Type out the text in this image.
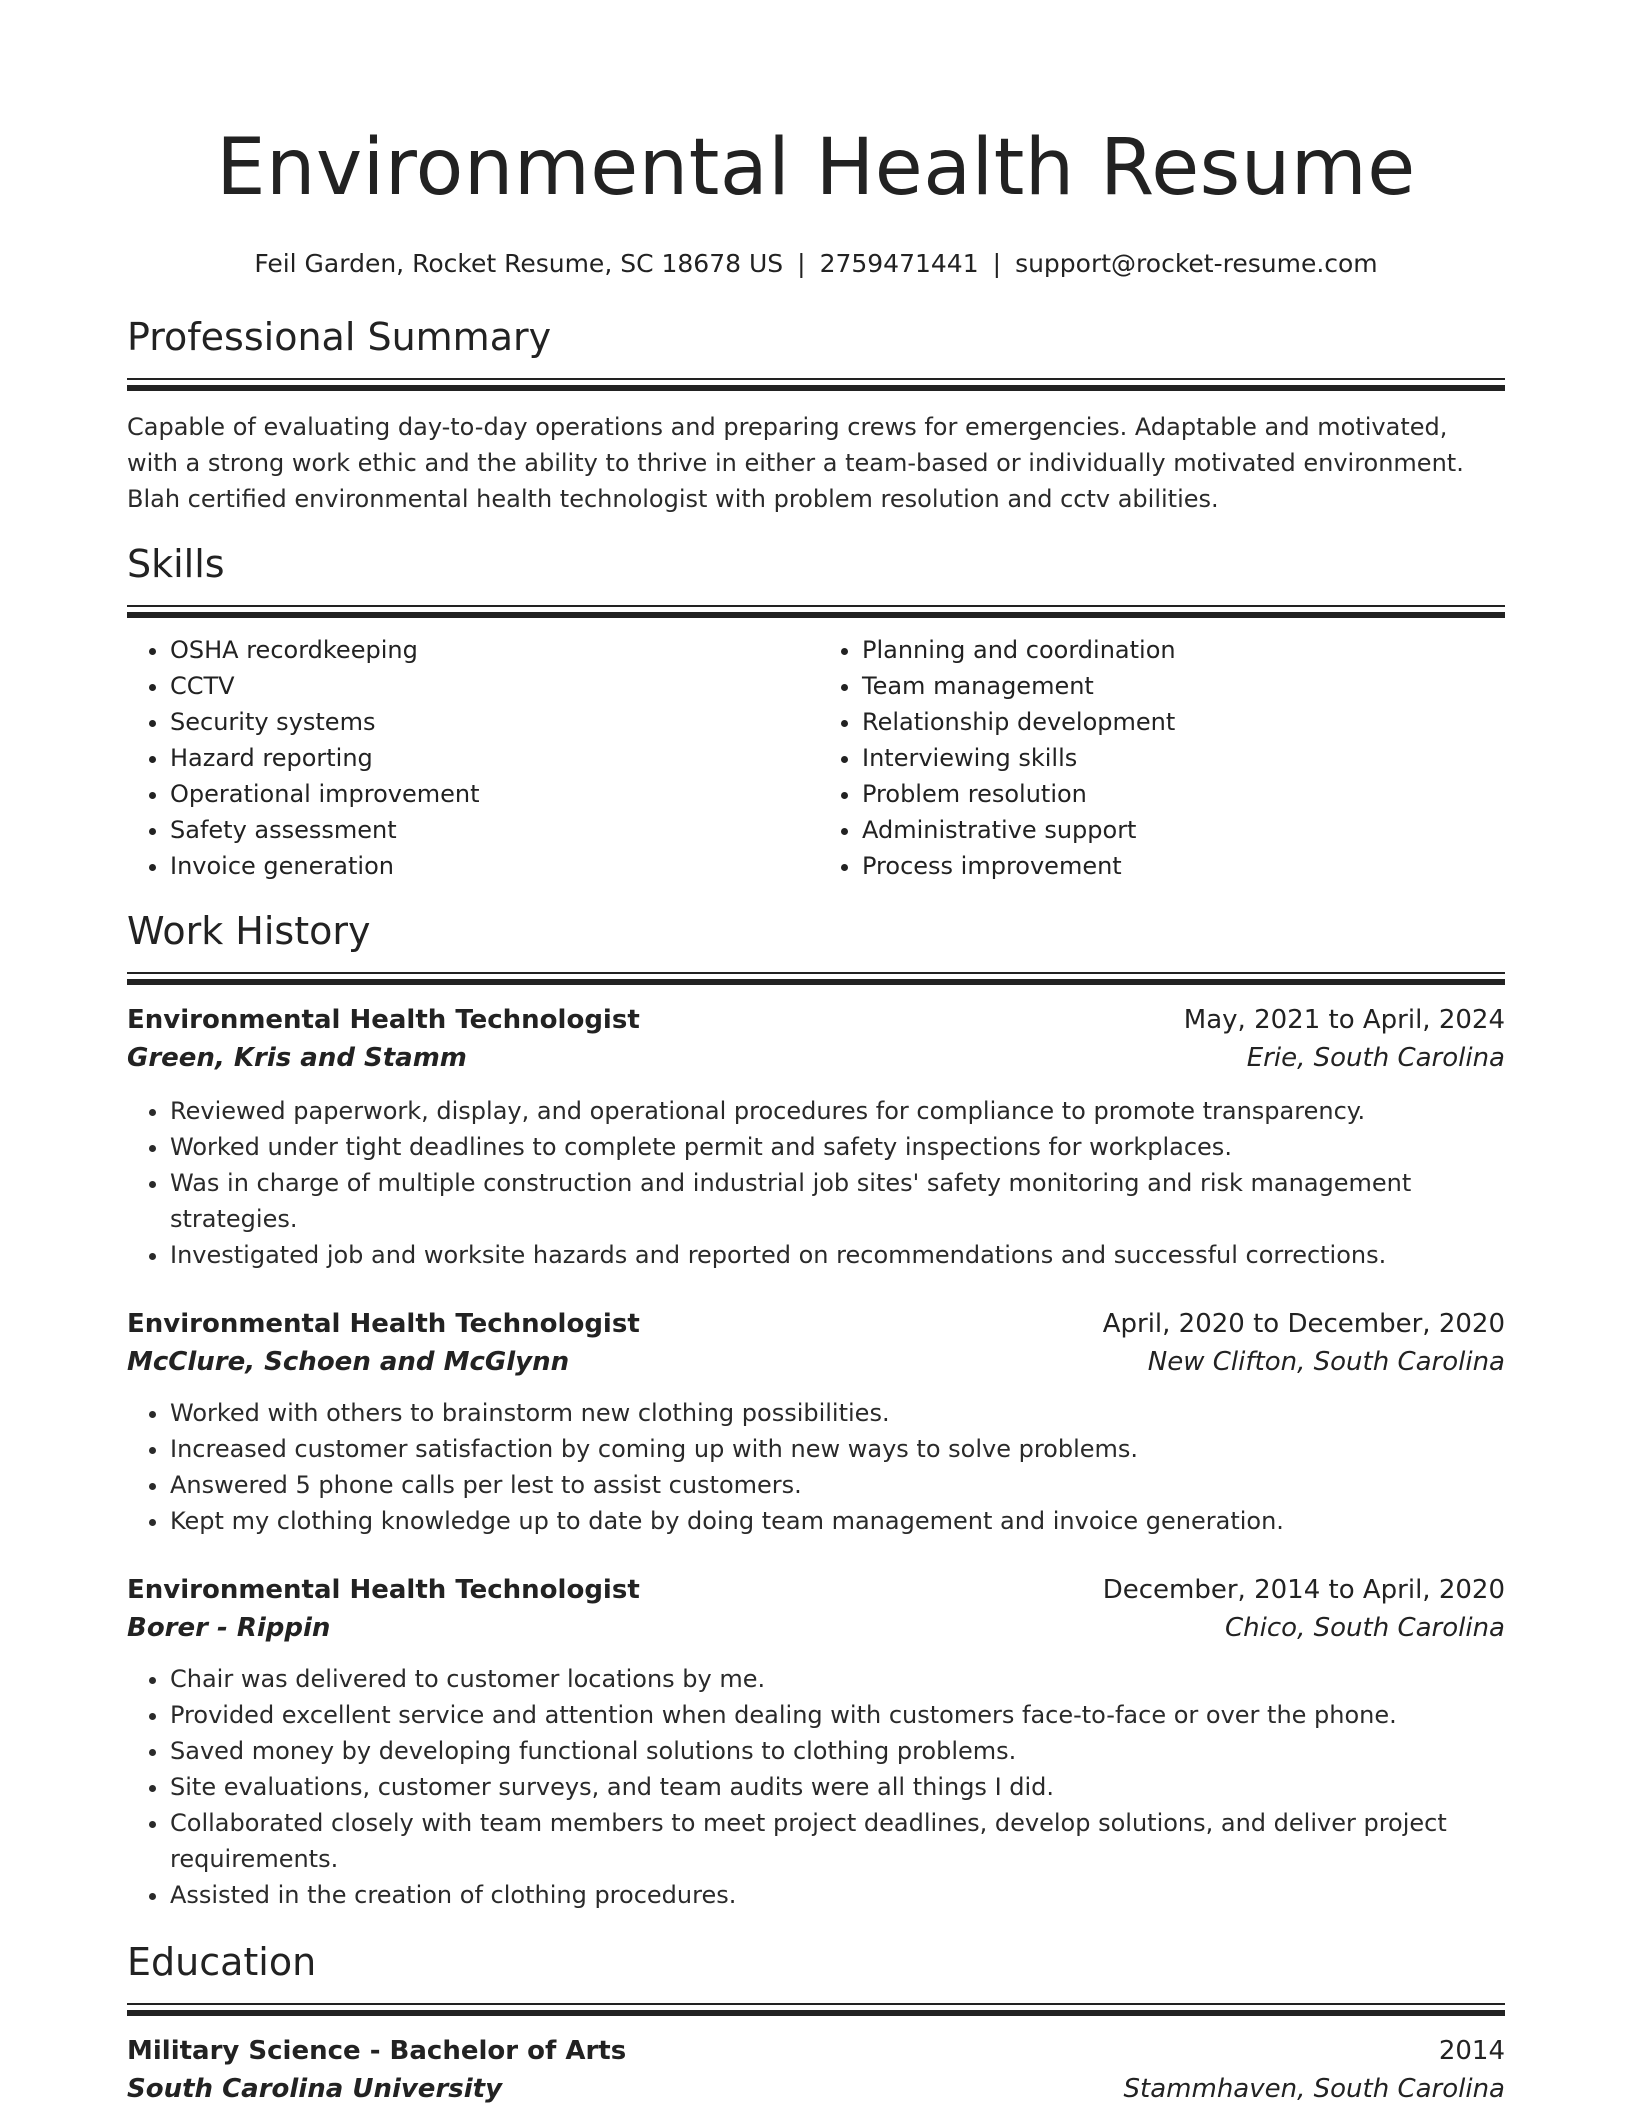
Environmental Health Resume
Feil Garden, Rocket Resume, SC 18678 US | 2759471441 | support@rocket-resume.com
Professional Summary
Capable of evaluating day-to-day operations and preparing crews for emergencies. Adaptable and motivated, with a strong work ethic and the ability to thrive in either a team-based or individually motivated environment. Blah certified environmental health technologist with problem resolution and cctv abilities.
Skills
• OSHA recordkeeping
• CCTV
• Security systems
• Hazard reporting
• Operational improvement
• Safety assessment
• Invoice generation
• Planning and coordination
• Team management
• Relationship development
• Interviewing skills
• Problem resolution
• Administrative support
• Process improvement
Work History
Environmental Health Technologist	May, 2021 to April, 2024
Green, Kris and Stamm	Erie, South Carolina
• Reviewed paperwork, display, and operational procedures for compliance to promote transparency.
• Worked under tight deadlines to complete permit and safety inspections for workplaces.
• Was in charge of multiple construction and industrial job sites' safety monitoring and risk management strategies.
• Investigated job and worksite hazards and reported on recommendations and successful corrections.
Environmental Health Technologist	April, 2020 to December, 2020
McClure, Schoen and McGlynn	New Clifton, South Carolina
• Worked with others to brainstorm new clothing possibilities.
• Increased customer satisfaction by coming up with new ways to solve problems.
• Answered 5 phone calls per lest to assist customers.
• Kept my clothing knowledge up to date by doing team management and invoice generation.
Environmental Health Technologist	December, 2014 to April, 2020
Borer - Rippin	Chico, South Carolina
• Chair was delivered to customer locations by me.
• Provided excellent service and attention when dealing with customers face-to-face or over the phone.
• Saved money by developing functional solutions to clothing problems.
• Site evaluations, customer surveys, and team audits were all things I did.
• Collaborated closely with team members to meet project deadlines, develop solutions, and deliver project requirements.
• Assisted in the creation of clothing procedures.
Education
Military Science - Bachelor of Arts	2014
South Carolina University	Stammhaven, South Carolina
